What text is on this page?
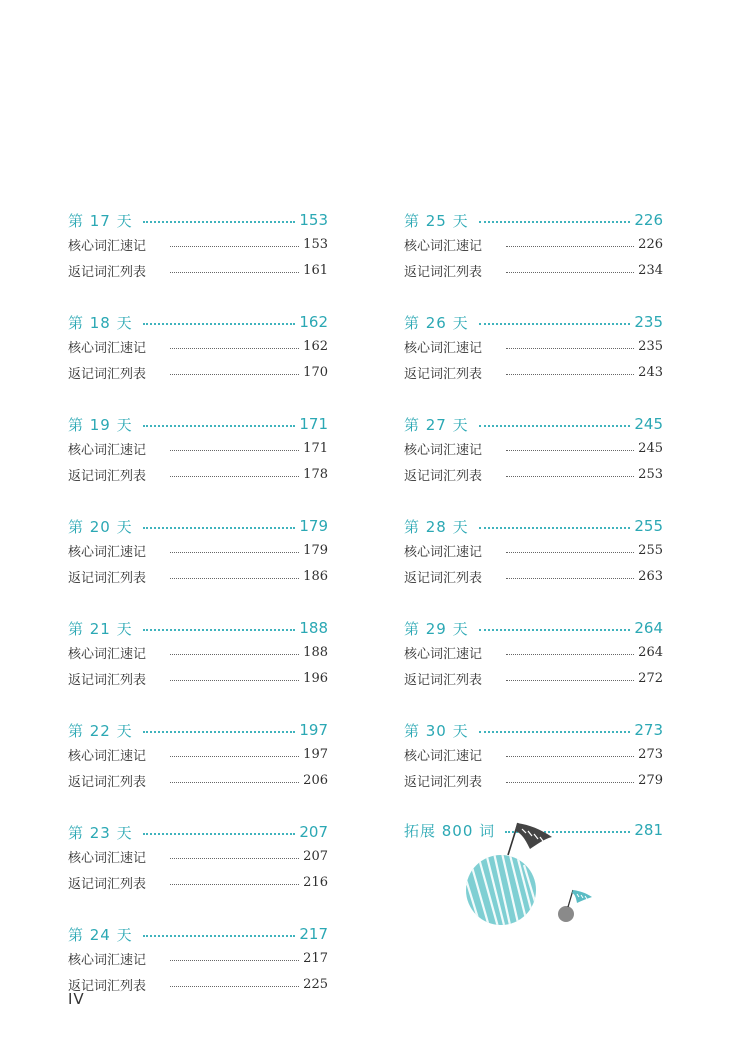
第 17 天	153
核心词汇速记	153
返记词汇列表	161
第 18 天	162
核心词汇速记	162
返记词汇列表	170
第 19 天	171
核心词汇速记	171
返记词汇列表	178
第 20 天	179
核心词汇速记	179
返记词汇列表	186
第 21 天	188
核心词汇速记	188
返记词汇列表	196
第 22 天	197
核心词汇速记	197
返记词汇列表	206
第 23 天	207
核心词汇速记	207
返记词汇列表	216
第 24 天	217
核心词汇速记	217
返记词汇列表	225
第 25 天	226
核心词汇速记	226
返记词汇列表	234
第 26 天	235
核心词汇速记	235
返记词汇列表	243
第 27 天	245
核心词汇速记	245
返记词汇列表	253
第 28 天	255
核心词汇速记	255
返记词汇列表	263
第 29 天	264
核心词汇速记	264
返记词汇列表	272
第 30 天	273
核心词汇速记	273
返记词汇列表	279
拓展 800 词	281
IV
